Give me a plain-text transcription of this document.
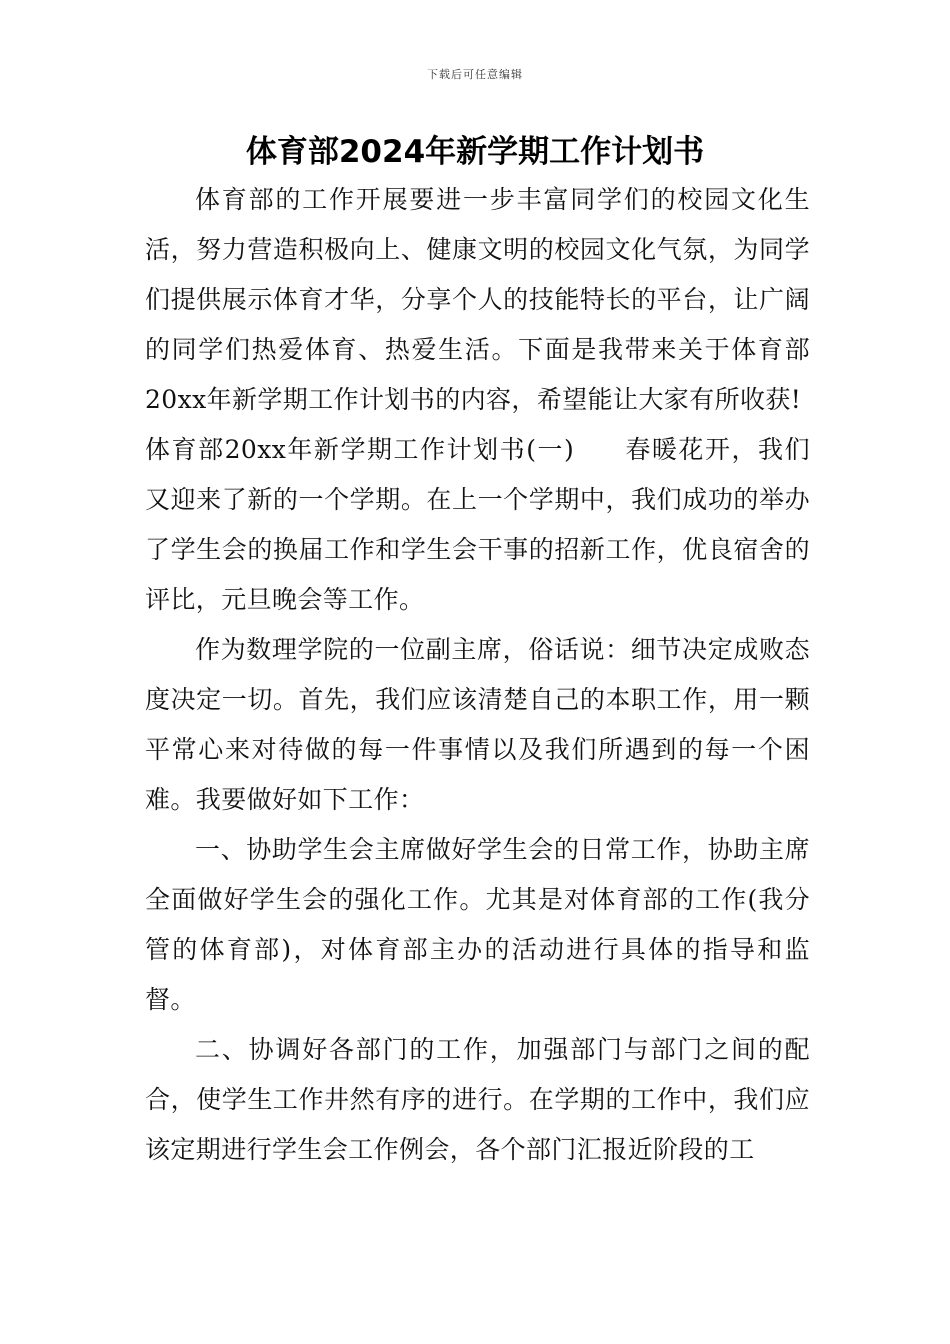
下载后可任意编辑
体育部2024年新学期工作计划书

体育部的工作开展要进一步丰富同学们的校园文化生活，努力营造积极向上、健康文明的校园文化气氛，为同学们提供展示体育才华，分享个人的技能特长的平台，让广阔的同学们热爱体育、热爱生活。下面是我带来关于体育部20xx年新学期工作计划书的内容，希望能让大家有所收获!

体育部20xx年新学期工作计划书(一) 春暖花开，我们又迎来了新的一个学期。在上一个学期中，我们成功的举办了学生会的换届工作和学生会干事的招新工作，优良宿舍的评比，元旦晚会等工作。

作为数理学院的一位副主席，俗话说：细节决定成败态度决定一切。首先，我们应该清楚自己的本职工作，用一颗平常心来对待做的每一件事情以及我们所遇到的每一个困难。我要做好如下工作：

一、协助学生会主席做好学生会的日常工作，协助主席全面做好学生会的强化工作。尤其是对体育部的工作(我分管的体育部)，对体育部主办的活动进行具体的指导和监督。

二、协调好各部门的工作，加强部门与部门之间的配合，使学生工作井然有序的进行。在学期的工作中，我们应该定期进行学生会工作例会，各个部门汇报近阶段的工
